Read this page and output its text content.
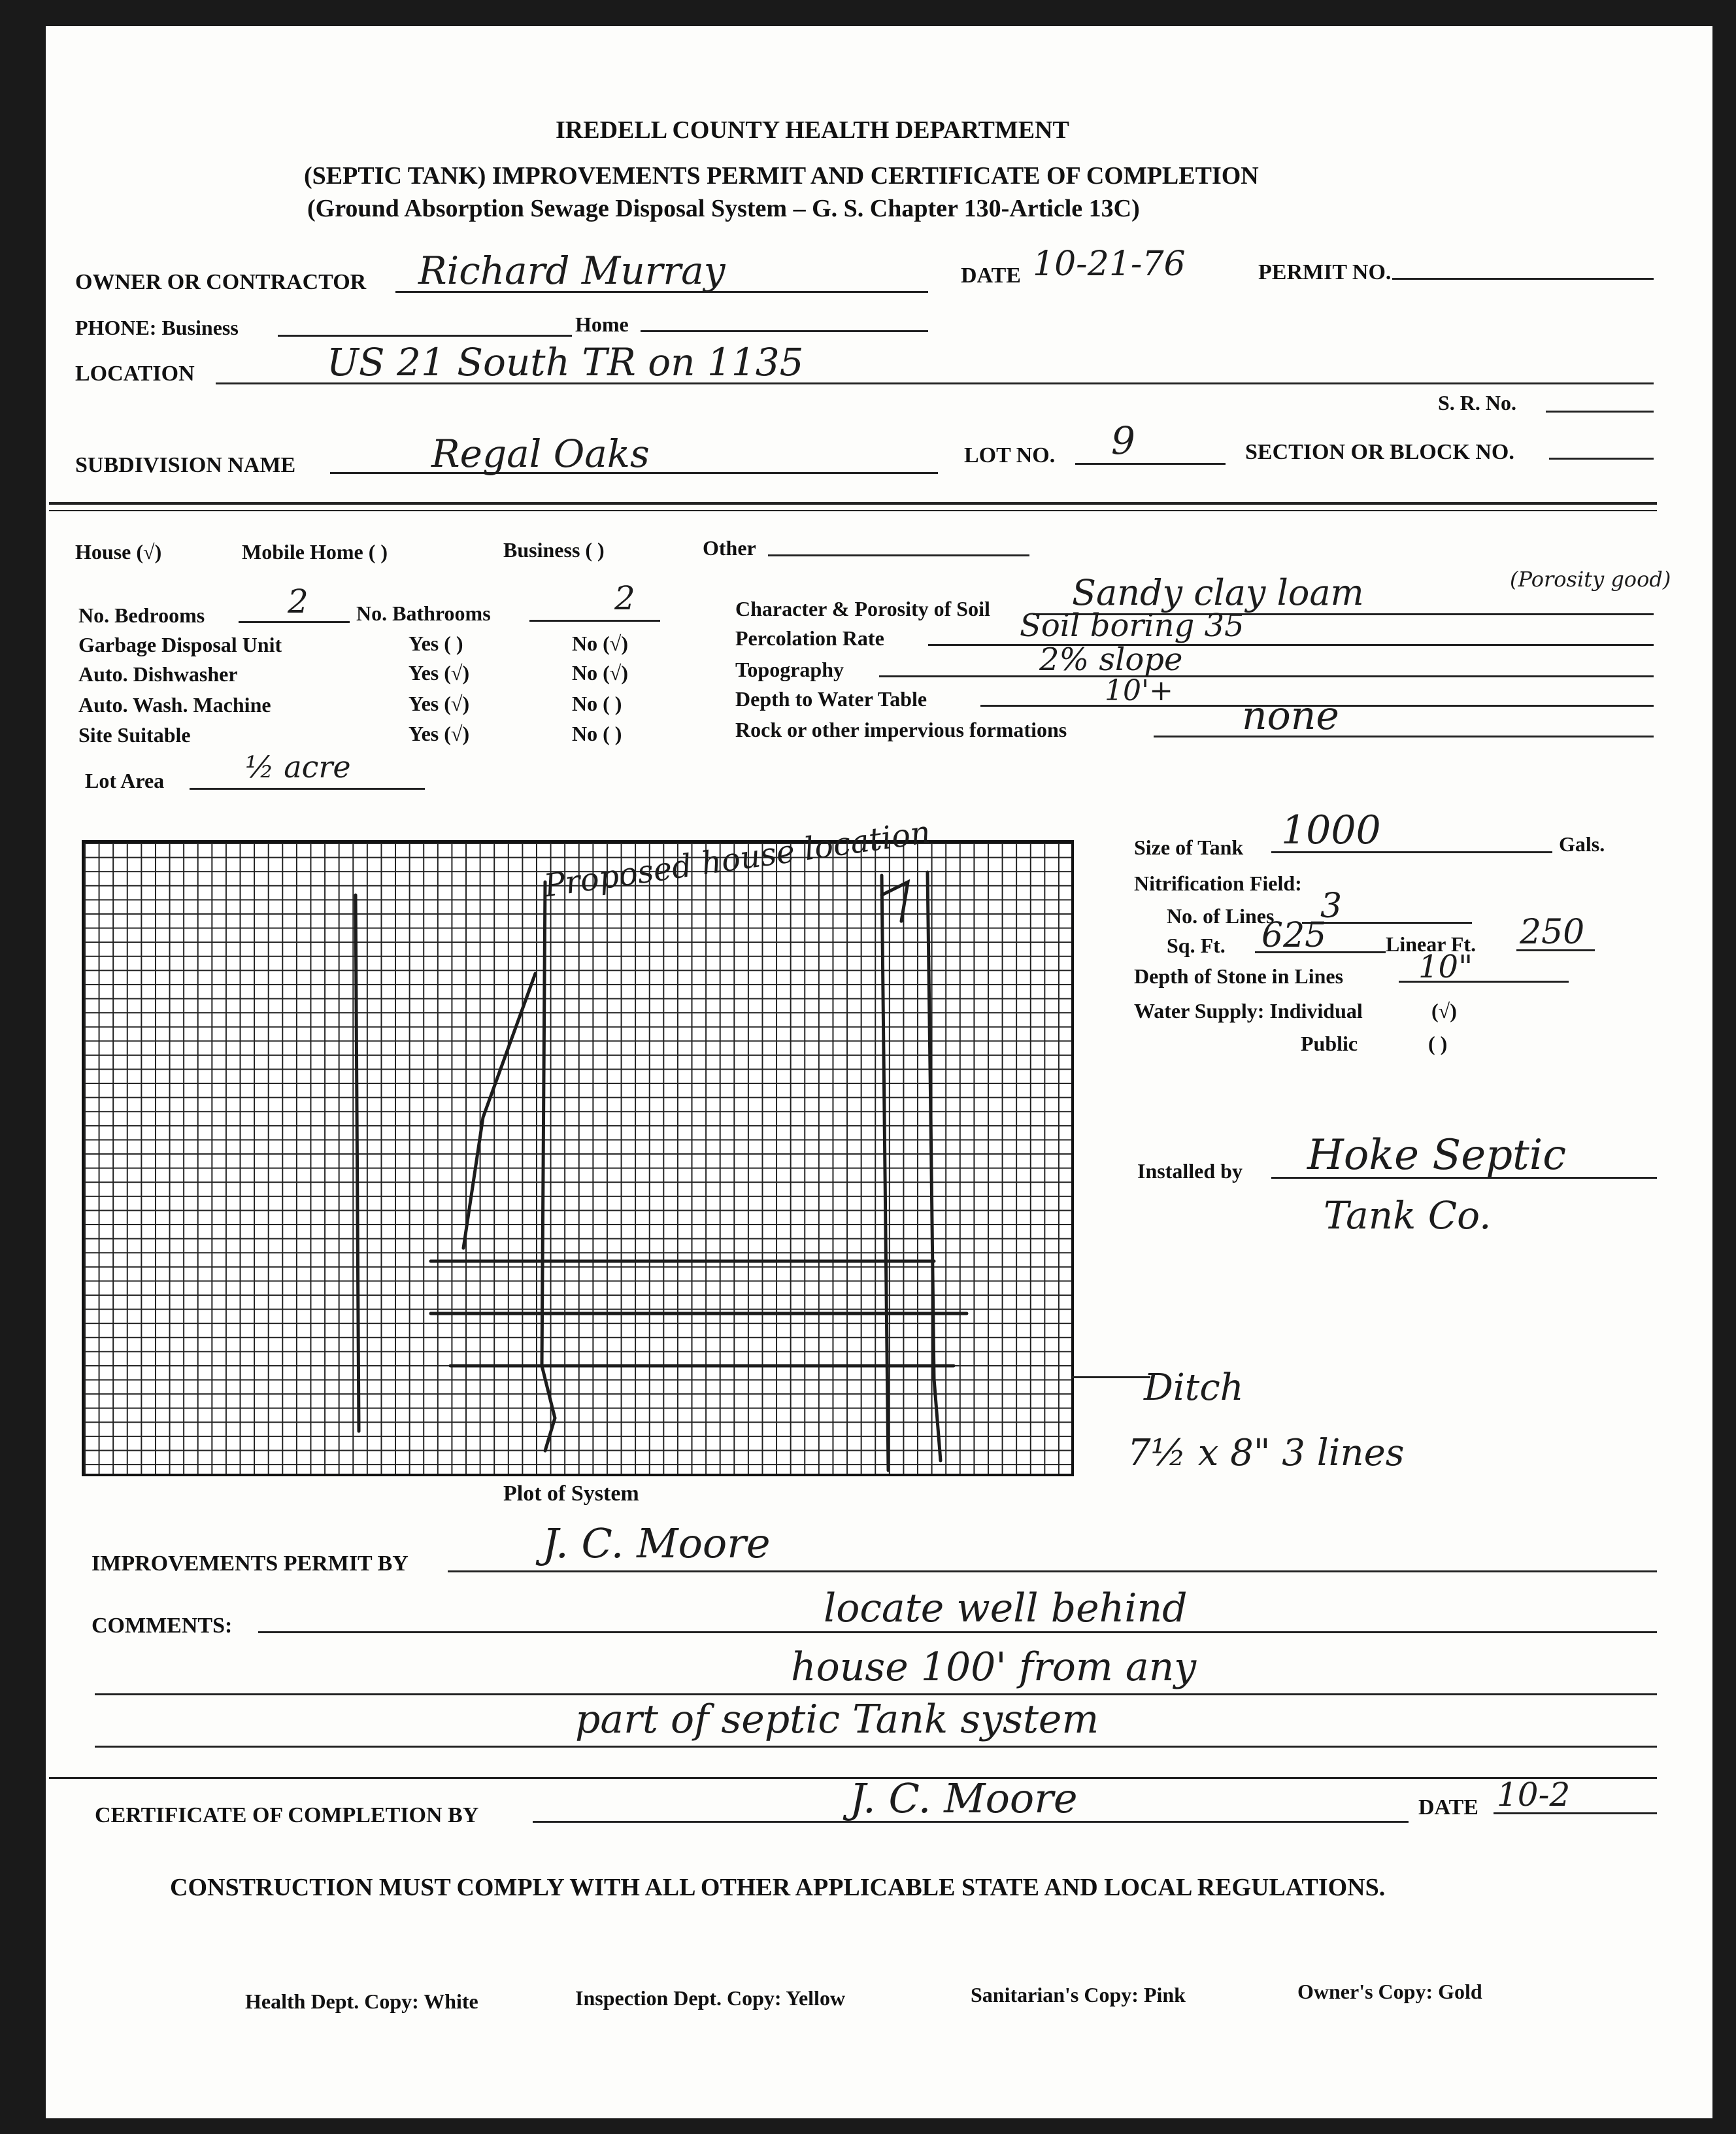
IREDELL COUNTY HEALTH DEPARTMENT
(SEPTIC TANK) IMPROVEMENTS PERMIT AND CERTIFICATE OF COMPLETION
(Ground Absorption Sewage Disposal System – G. S. Chapter 130-Article 13C)
OWNER OR CONTRACTOR Richard Murray	DATE 10-21-76	PERMIT NO.
PHONE: Business	Home
LOCATION	US 21 South TR on 1135
S. R. No.
SUBDIVISION NAME	Regal Oaks	LOT NO. 9	SECTION OR BLOCK NO.
House (√)	Mobile Home ( )	Business ( )	Other
No. Bedrooms	2 No. Bathrooms	2
Garbage Disposal Unit	Yes ( )	No (√)
Auto. Dishwasher	Yes (√)	No (√)
Auto. Wash. Machine	Yes (√)	No ( )
Site Suitable	Yes (√)	No ( )
Lot Area	½ acre
Character & Porosity of Soil Sandy clay loam	(Porosity good)
Percolation Rate	Soil boring 35
Topography	2% slope
Depth to Water Table	10'+
Rock or other impervious formations	none
Proposed house location
Plot of System
Ditch
7½ x 8" 3 lines
Size of Tank 1000	Gals.
Nitrification Field:
No. of Lines 3
Sq. Ft. 625	Linear Ft. 250
Depth of Stone in Lines 10"
Water Supply: Individual	(√)
Public	( )
Installed by Hoke Septic
Tank Co.
IMPROVEMENTS PERMIT BY	J. C. Moore
COMMENTS:	locate well behind
house 100' from any
part of septic Tank system
CERTIFICATE OF COMPLETION BY	J. C. Moore	DATE 10-2
CONSTRUCTION MUST COMPLY WITH ALL OTHER APPLICABLE STATE AND LOCAL REGULATIONS.
Health Dept. Copy: White	Inspection Dept. Copy: Yellow	Sanitarian's Copy: Pink	Owner's Copy: Gold
